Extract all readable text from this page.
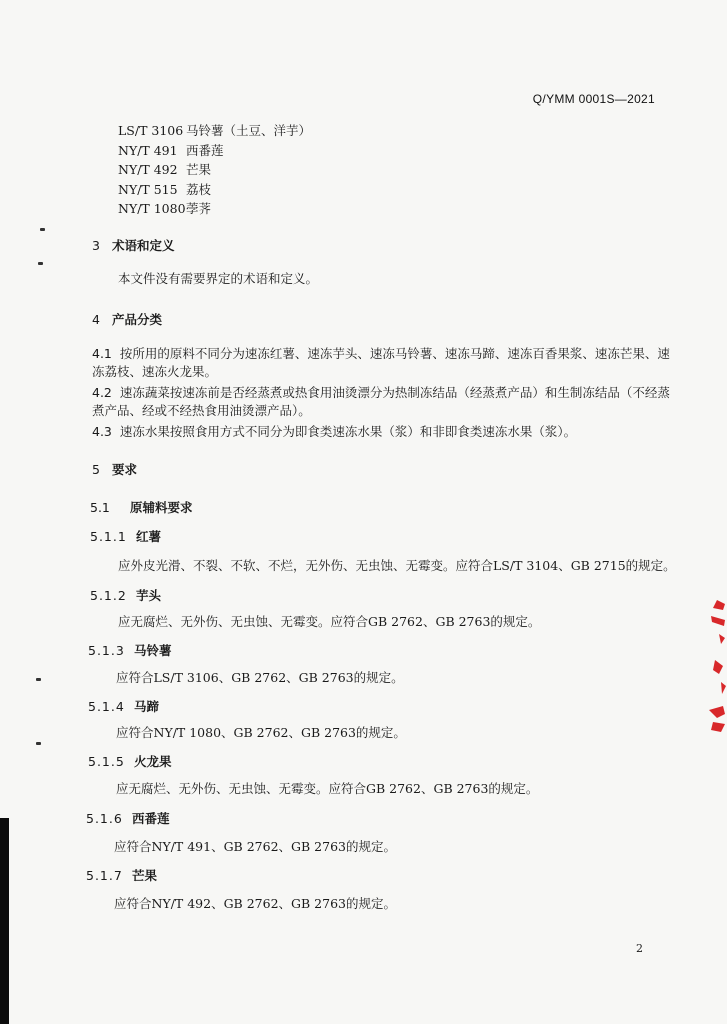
Q/YMM 0001S—2021
LS/T 3106 马铃薯（土豆、洋芋）
NY/T 491 西番莲
NY/T 492 芒果
NY/T 515 荔枝
NY/T 1080荸荠
3 术语和定义
本文件没有需要界定的术语和定义。
4 产品分类
4.1 按所用的原料不同分为速冻红薯、速冻芋头、速冻马铃薯、速冻马蹄、速冻百香果浆、速冻芒果、速冻荔枝、速冻火龙果。
4.2 速冻蔬菜按速冻前是否经蒸煮或热食用油烫漂分为热制冻结品（经蒸煮产品）和生制冻结品（不经蒸煮产品、经或不经热食用油烫漂产品）。
4.3 速冻水果按照食用方式不同分为即食类速冻水果（浆）和非即食类速冻水果（浆）。
5 要求
5.1 原辅料要求
5.1.1 红薯
应外皮光滑、不裂、不软、不烂，无外伤、无虫蚀、无霉变。应符合LS/T 3104、GB 2715的规定。
5.1.2 芋头
应无腐烂、无外伤、无虫蚀、无霉变。应符合GB 2762、GB 2763的规定。
5.1.3 马铃薯
应符合LS/T 3106、GB 2762、GB 2763的规定。
5.1.4 马蹄
应符合NY/T 1080、GB 2762、GB 2763的规定。
5.1.5 火龙果
应无腐烂、无外伤、无虫蚀、无霉变。应符合GB 2762、GB 2763的规定。
5.1.6 西番莲
应符合NY/T 491、GB 2762、GB 2763的规定。
5.1.7 芒果
应符合NY/T 492、GB 2762、GB 2763的规定。
2
